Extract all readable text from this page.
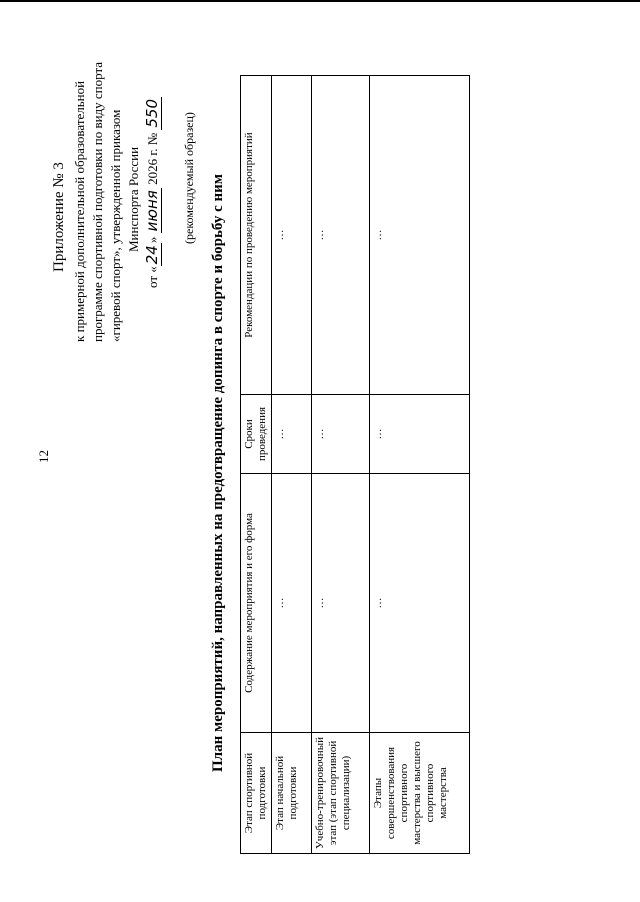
12
Приложение № 3 к примерной дополнительной образовательной программе спортивной подготовки по виду спорта «гиревой спорт», утвержденной приказом Минспорта России
от «24» июня 2026 г. № 550 (рекомендуемый образец) План мероприятий, направленных на предотвращение допинга в спорте и борьбу с ним
Этап спортивной подготовки	Содержание мероприятия и его форма	Сроки проведения	Рекомендации по проведению мероприятий
Этап начальной подготовки	…	…	…
Учебно-тренировочный этап (этап спортивной специализации)	…	…	…
Этапы совершенствования спортивного мастерства и высшего спортивного мастерства	…	…	…
